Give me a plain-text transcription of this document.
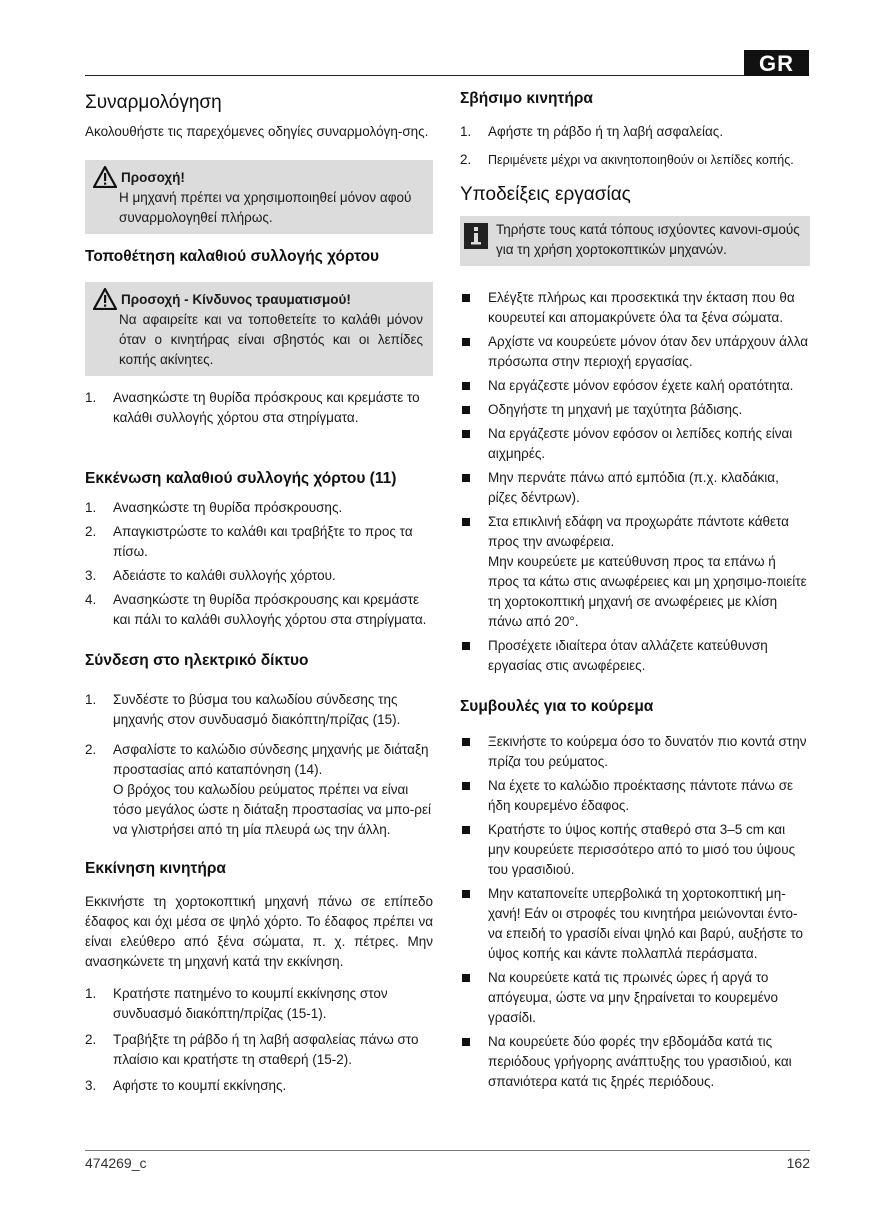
GR
474269_c	162
Συναρμολόγηση

Ακολουθήστε τις παρεχόμενες οδηγίες συναρμολόγη-σης.

Προσοχή!
Η μηχανή πρέπει να χρησιμοποιηθεί μόνον αφού συναρμολογηθεί πλήρως.
Τοποθέτηση καλαθιού συλλογής χόρτου
Προσοχή - Κίνδυνος τραυματισμού!
Να αφαιρείτε και να τοποθετείτε το καλάθι μόνον όταν ο κινητήρας είναι σβηστός και οι λεπίδες κοπής ακίνητες.
1.	Ανασηκώστε τη θυρίδα πρόσκρους και κρεμάστε το καλάθι συλλογής χόρτου στα στηρίγματα.
Εκκένωση καλαθιού συλλογής χόρτου (11)
1.	Ανασηκώστε τη θυρίδα πρόσκρουσης.
2.	Απαγκιστρώστε το καλάθι και τραβήξτε το προς τα πίσω.
3.	Αδειάστε το καλάθι συλλογής χόρτου.
4.	Ανασηκώστε τη θυρίδα πρόσκρουσης και κρεμάστε και πάλι το καλάθι συλλογής χόρτου στα στηρίγματα.
Σύνδεση στο ηλεκτρικό δίκτυο
1.	Συνδέστε το βύσμα του καλωδίου σύνδεσης της μηχανής στον συνδυασμό διακόπτη/πρίζας (15).
2.	Ασφαλίστε το καλώδιο σύνδεσης μηχανής με διάταξη προστασίας από καταπόνηση (14).
Ο βρόχος του καλωδίου ρεύματος πρέπει να είναι τόσο μεγάλος ώστε η διάταξη προστασίας να μπο-ρεί να γλιστρήσει από τη μία πλευρά ως την άλλη.
Εκκίνηση κινητήρα

Εκκινήστε τη χορτοκοπτική μηχανή πάνω σε επίπεδο έδαφος και όχι μέσα σε ψηλό χόρτο. Το έδαφος πρέπει να είναι ελεύθερο από ξένα σώματα, π. χ. πέτρες. Μην ανασηκώνετε τη μηχανή κατά την εκκίνηση.

1.	Κρατήστε πατημένο το κουμπί εκκίνησης στον συνδυασμό διακόπτη/πρίζας (15-1).
2.	Τραβήξτε τη ράβδο ή τη λαβή ασφαλείας πάνω στο πλαίσιο και κρατήστε τη σταθερή (15-2).
3.	Αφήστε το κουμπί εκκίνησης.
Σβήσιμο κινητήρα
1.	Αφήστε τη ράβδο ή τη λαβή ασφαλείας.
2.	Περιμένετε μέχρι να ακινητοποιηθούν οι λεπίδες κοπής.
Υποδείξεις εργασίας

Τηρήστε τους κατά τόπους ισχύοντες κανονι-σμούς για τη χρήση χορτοκοπτικών μηχανών.

Ελέγξτε πλήρως και προσεκτικά την έκταση που θα κουρευτεί και απομακρύνετε όλα τα ξένα σώματα.
Αρχίστε να κουρεύετε μόνον όταν δεν υπάρχουν άλλα πρόσωπα στην περιοχή εργασίας.
Να εργάζεστε μόνον εφόσον έχετε καλή ορατότητα.
Οδηγήστε τη μηχανή με ταχύτητα βάδισης.
Να εργάζεστε μόνον εφόσον οι λεπίδες κοπής είναι αιχμηρές.
Μην περνάτε πάνω από εμπόδια (π.χ. κλαδάκια, ρίζες δέντρων).
Στα επικλινή εδάφη να προχωράτε πάντοτε κάθετα προς την ανωφέρεια.
Μην κουρεύετε με κατεύθυνση προς τα επάνω ή προς τα κάτω στις ανωφέρειες και μη χρησιμο-ποιείτε τη χορτοκοπτική μηχανή σε ανωφέρειες με κλίση πάνω από 20°.
Προσέχετε ιδιαίτερα όταν αλλάζετε κατεύθυνση εργασίας στις ανωφέρειες.
Συμβουλές για το κούρεμα
Ξεκινήστε το κούρεμα όσο το δυνατόν πιο κοντά στην πρίζα του ρεύματος.
Να έχετε το καλώδιο προέκτασης πάντοτε πάνω σε ήδη κουρεμένο έδαφος.
Κρατήστε το ύψος κοπής σταθερό στα 3–5 cm και μην κουρεύετε περισσότερο από το μισό του ύψους του γρασιδιού.
Μην καταπονείτε υπερβολικά τη χορτοκοπτική μη-χανή! Εάν οι στροφές του κινητήρα μειώνονται έντο-να επειδή το γρασίδι είναι ψηλό και βαρύ, αυξήστε το ύψος κοπής και κάντε πολλαπλά περάσματα.
Να κουρεύετε κατά τις πρωινές ώρες ή αργά το απόγευμα, ώστε να μην ξηραίνεται το κουρεμένο γρασίδι.
Να κουρεύετε δύο φορές την εβδομάδα κατά τις περιόδους γρήγορης ανάπτυξης του γρασιδιού, και σπανιότερα κατά τις ξηρές περιόδους.
